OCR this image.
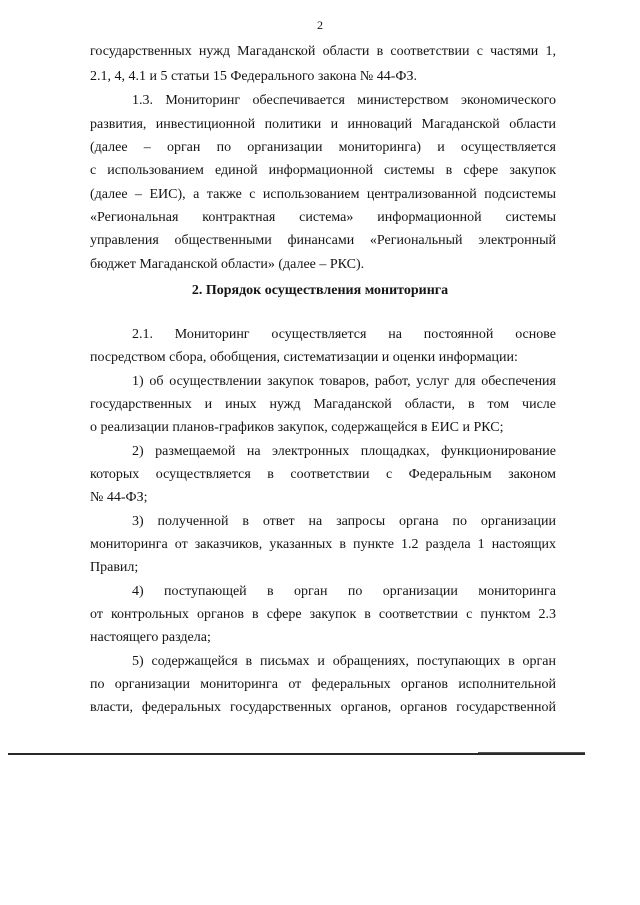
2
государственных нужд Магаданской области в соответствии с частями 1,
2.1, 4, 4.1 и 5 статьи 15 Федерального закона № 44-ФЗ.
1.3. Мониторинг обеспечивается министерством экономического
развития, инвестиционной политики и инноваций Магаданской области
(далее – орган по организации мониторинга) и осуществляется
с использованием единой информационной системы в сфере закупок
(далее – ЕИС), а также с использованием централизованной подсистемы
«Региональная контрактная система» информационной системы
управления общественными финансами «Региональный электронный
бюджет Магаданской области» (далее – РКС).
2. Порядок осуществления мониторинга
2.1. Мониторинг осуществляется на постоянной основе
посредством сбора, обобщения, систематизации и оценки информации:
1) об осуществлении закупок товаров, работ, услуг для обеспечения
государственных и иных нужд Магаданской области, в том числе
о реализации планов-графиков закупок, содержащейся в ЕИС и РКС;
2) размещаемой на электронных площадках, функционирование
которых осуществляется в соответствии с Федеральным законом
№ 44-ФЗ;
3) полученной в ответ на запросы органа по организации
мониторинга от заказчиков, указанных в пункте 1.2 раздела 1 настоящих
Правил;
4) поступающей в орган по организации мониторинга
от контрольных органов в сфере закупок в соответствии с пунктом 2.3
настоящего раздела;
5) содержащейся в письмах и обращениях, поступающих в орган
по организации мониторинга от федеральных органов исполнительной
власти, федеральных государственных органов, органов государственной
